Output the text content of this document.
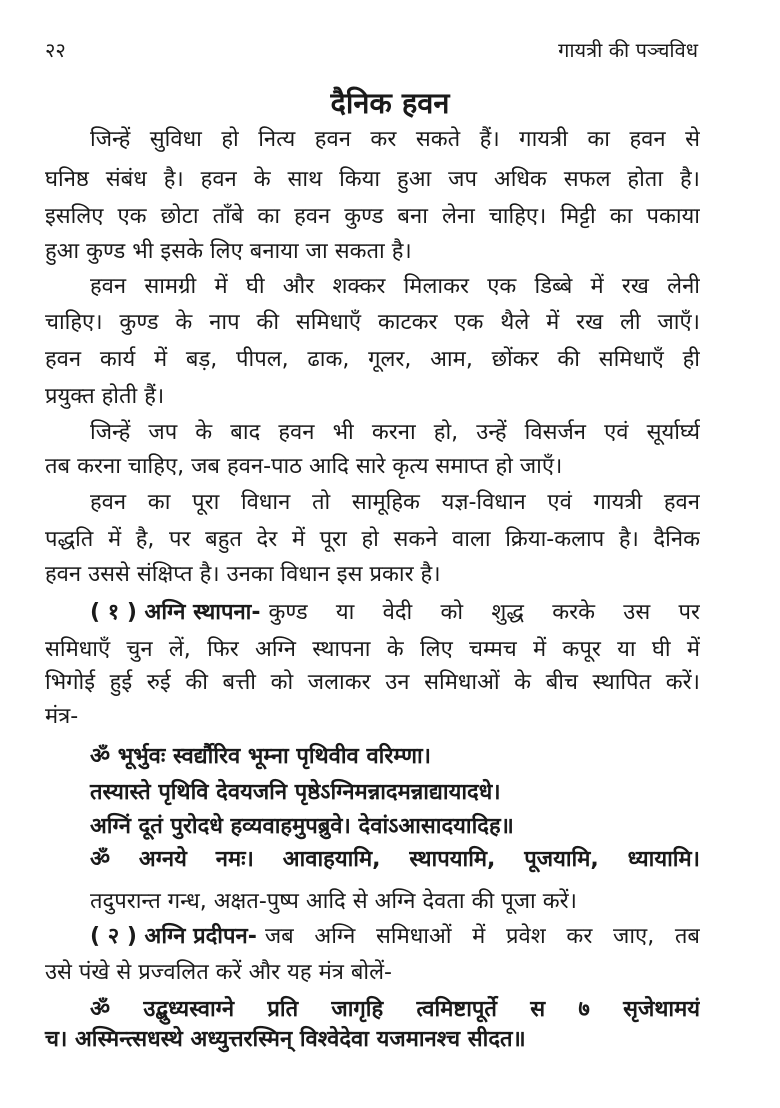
२२	गायत्री की पञ्चविध
दैनिक हवन
जिन्हें सुविधा हो नित्य हवन कर सकते हैं। गायत्री का हवन से
घनिष्ठ संबंध है। हवन के साथ किया हुआ जप अधिक सफल होता है।
इसलिए एक छोटा ताँबे का हवन कुण्ड बना लेना चाहिए। मिट्टी का पकाया
हुआ कुण्ड भी इसके लिए बनाया जा सकता है।
हवन सामग्री में घी और शक्कर मिलाकर एक डिब्बे में रख लेनी
चाहिए। कुण्ड के नाप की समिधाएँ काटकर एक थैले में रख ली जाएँ।
हवन कार्य में बड़, पीपल, ढाक, गूलर, आम, छोंकर की समिधाएँ ही
प्रयुक्त होती हैं।
जिन्हें जप के बाद हवन भी करना हो, उन्हें विसर्जन एवं सूर्यार्घ्य
तब करना चाहिए, जब हवन-पाठ आदि सारे कृत्य समाप्त हो जाएँ।
हवन का पूरा विधान तो सामूहिक यज्ञ-विधान एवं गायत्री हवन
पद्धति में है, पर बहुत देर में पूरा हो सकने वाला क्रिया-कलाप है। दैनिक
हवन उससे संक्षिप्त है। उनका विधान इस प्रकार है।
( १ ) अग्नि स्थापना- कुण्ड या वेदी को शुद्ध करके उस पर
समिधाएँ चुन लें, फिर अग्नि स्थापना के लिए चम्मच में कपूर या घी में
भिगोई हुई रुई की बत्ती को जलाकर उन समिधाओं के बीच स्थापित करें।
मंत्र-
ॐ भूर्भुवः स्वर्द्यौरिव भूम्ना पृथिवीव वरिम्णा।
तस्यास्ते पृथिवि देवयजनि पृष्ठेऽग्निमन्नादमन्नाद्यायादधे।
अग्निं दूतं पुरोदधे हव्यवाहमुपब्रुवे। देवांऽआसादयादिह॥
ॐ अग्नये नमः। आवाहयामि, स्थापयामि, पूजयामि, ध्यायामि।
तदुपरान्त गन्ध, अक्षत-पुष्प आदि से अग्नि देवता की पूजा करें।
( २ ) अग्नि प्रदीपन- जब अग्नि समिधाओं में प्रवेश कर जाए, तब
उसे पंखे से प्रज्वलित करें और यह मंत्र बोलें-
ॐ उद्बुध्यस्वाग्ने प्रति जागृहि त्वमिष्टापूर्ते स ७ सृजेथामयं
च। अस्मिन्त्सधस्थे अध्युत्तरस्मिन् विश्वेदेवा यजमानश्च सीदत॥
